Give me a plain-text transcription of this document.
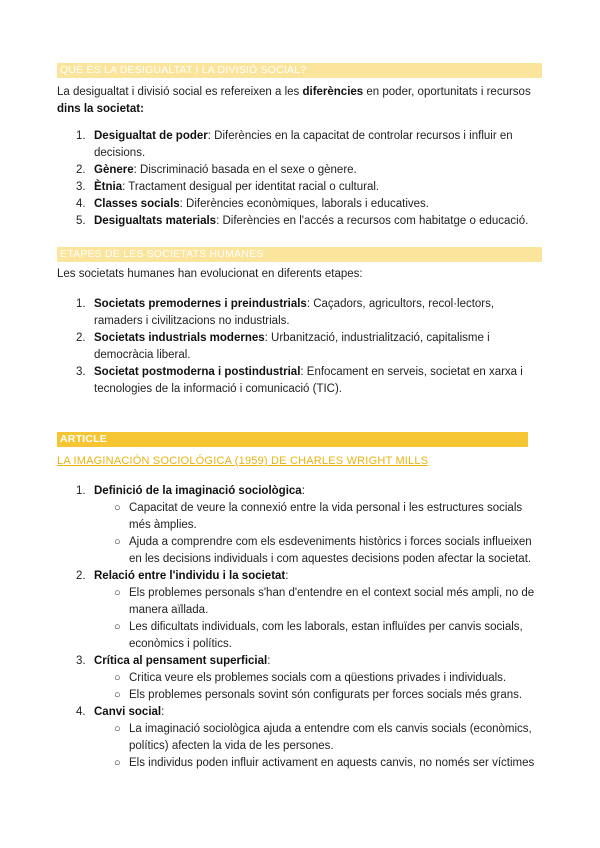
QUÈ ÉS LA DESIGUALTAT I LA DIVISIÓ SOCIAL?

La desigualtat i divisió social es refereixen a les diferències en poder, oportunitats i recursos dins la societat:

1. Desigualtat de poder: Diferències en la capacitat de controlar recursos i influir en decisions.
2. Gènere: Discriminació basada en el sexe o gènere.
3. Ètnia: Tractament desigual per identitat racial o cultural.
4. Classes socials: Diferències econòmiques, laborals i educatives.
5. Desigualtats materials: Diferències en l'accés a recursos com habitatge o educació.
ETAPES DE LES SOCIETATS HUMANES

Les societats humanes han evolucionat en diferents etapes:

1. Societats premodernes i preindustrials: Caçadors, agricultors, recol·lectors, ramaders i civilitzacions no industrials.
2. Societats industrials modernes: Urbanització, industrialització, capitalisme i democràcia liberal.
3. Societat postmoderna i postindustrial: Enfocament en serveis, societat en xarxa i tecnologies de la informació i comunicació (TIC).
ARTICLE
LA IMAGINACIÓN SOCIOLÓGICA (1959) DE CHARLES WRIGHT MILLS
1. Definició de la imaginació sociològica:
○ Capacitat de veure la connexió entre la vida personal i les estructures socials més àmplies.
○ Ajuda a comprendre com els esdeveniments històrics i forces socials influeixen en les decisions individuals i com aquestes decisions poden afectar la societat.
2. Relació entre l'individu i la societat:
○ Els problemes personals s'han d'entendre en el context social més ampli, no de manera aïllada.
○ Les dificultats individuals, com les laborals, estan influïdes per canvis socials, econòmics i polítics.
3. Crítica al pensament superficial:
○ Critica veure els problemes socials com a qüestions privades i individuals.
○ Els problemes personals sovint són configurats per forces socials més grans.
4. Canvi social:
○ La imaginació sociològica ajuda a entendre com els canvis socials (econòmics, polítics) afecten la vida de les persones.
○ Els individus poden influir activament en aquests canvis, no només ser víctimes
